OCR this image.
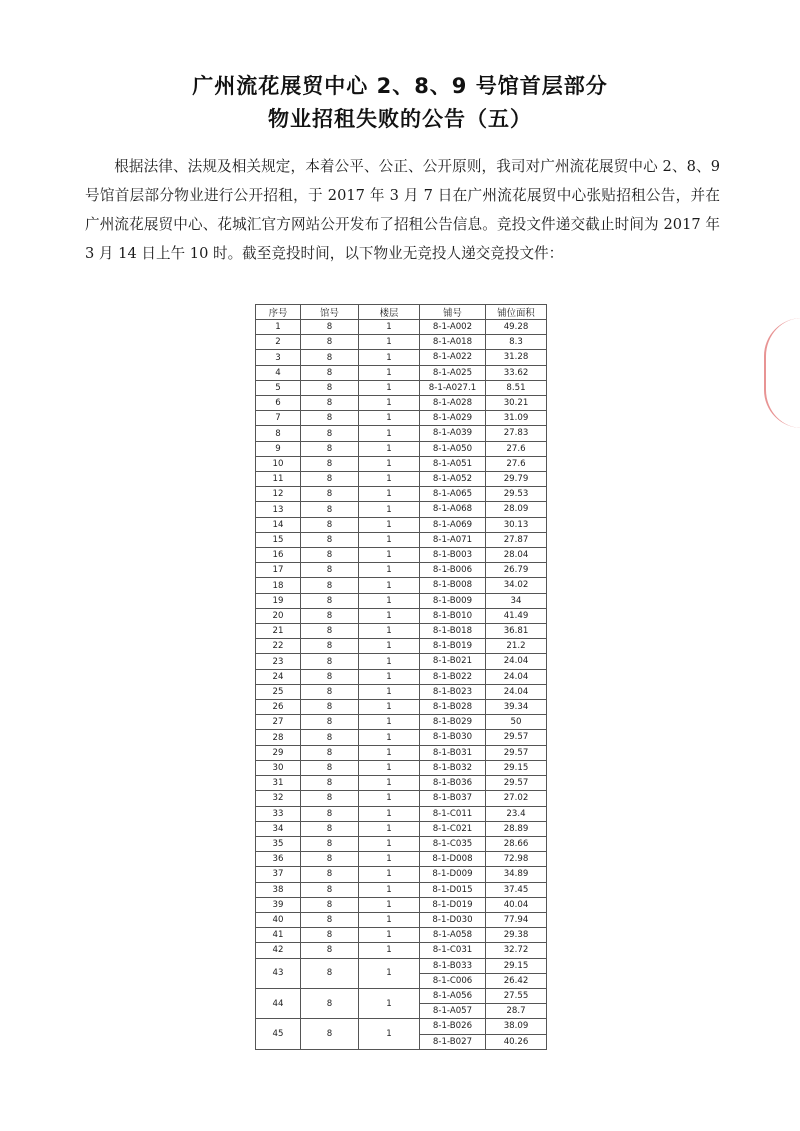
广州流花展贸中心 2、8、9 号馆首层部分
物业招租失败的公告（五）

根据法律、法规及相关规定，本着公平、公正、公开原则，我司对广州流花展贸中心 2、8、9 号馆首层部分物业进行公开招租，于 2017 年 3 月 7 日在广州流花展贸中心张贴招租公告，并在广州流花展贸中心、花城汇官方网站公开发布了招租公告信息。竞投文件递交截止时间为 2017 年 3 月 14 日上午 10 时。截至竞投时间，以下物业无竞投人递交竞投文件：

序号	馆号	楼层	铺号	铺位面积
1	8	1	8-1-A002	49.28
2	8	1	8-1-A018	8.3
3	8	1	8-1-A022	31.28
4	8	1	8-1-A025	33.62
5	8	1	8-1-A027.1	8.51
6	8	1	8-1-A028	30.21
7	8	1	8-1-A029	31.09
8	8	1	8-1-A039	27.83
9	8	1	8-1-A050	27.6
10	8	1	8-1-A051	27.6
11	8	1	8-1-A052	29.79
12	8	1	8-1-A065	29.53
13	8	1	8-1-A068	28.09
14	8	1	8-1-A069	30.13
15	8	1	8-1-A071	27.87
16	8	1	8-1-B003	28.04
17	8	1	8-1-B006	26.79
18	8	1	8-1-B008	34.02
19	8	1	8-1-B009	34
20	8	1	8-1-B010	41.49
21	8	1	8-1-B018	36.81
22	8	1	8-1-B019	21.2
23	8	1	8-1-B021	24.04
24	8	1	8-1-B022	24.04
25	8	1	8-1-B023	24.04
26	8	1	8-1-B028	39.34
27	8	1	8-1-B029	50
28	8	1	8-1-B030	29.57
29	8	1	8-1-B031	29.57
30	8	1	8-1-B032	29.15
31	8	1	8-1-B036	29.57
32	8	1	8-1-B037	27.02
33	8	1	8-1-C011	23.4
34	8	1	8-1-C021	28.89
35	8	1	8-1-C035	28.66
36	8	1	8-1-D008	72.98
37	8	1	8-1-D009	34.89
38	8	1	8-1-D015	37.45
39	8	1	8-1-D019	40.04
40	8	1	8-1-D030	77.94
41	8	1	8-1-A058	29.38
42	8	1	8-1-C031	32.72
43	8	1	8-1-B033	29.15
			8-1-C006	26.42
44	8	1	8-1-A056	27.55
			8-1-A057	28.7
45	8	1	8-1-B026	38.09
			8-1-B027	40.26
